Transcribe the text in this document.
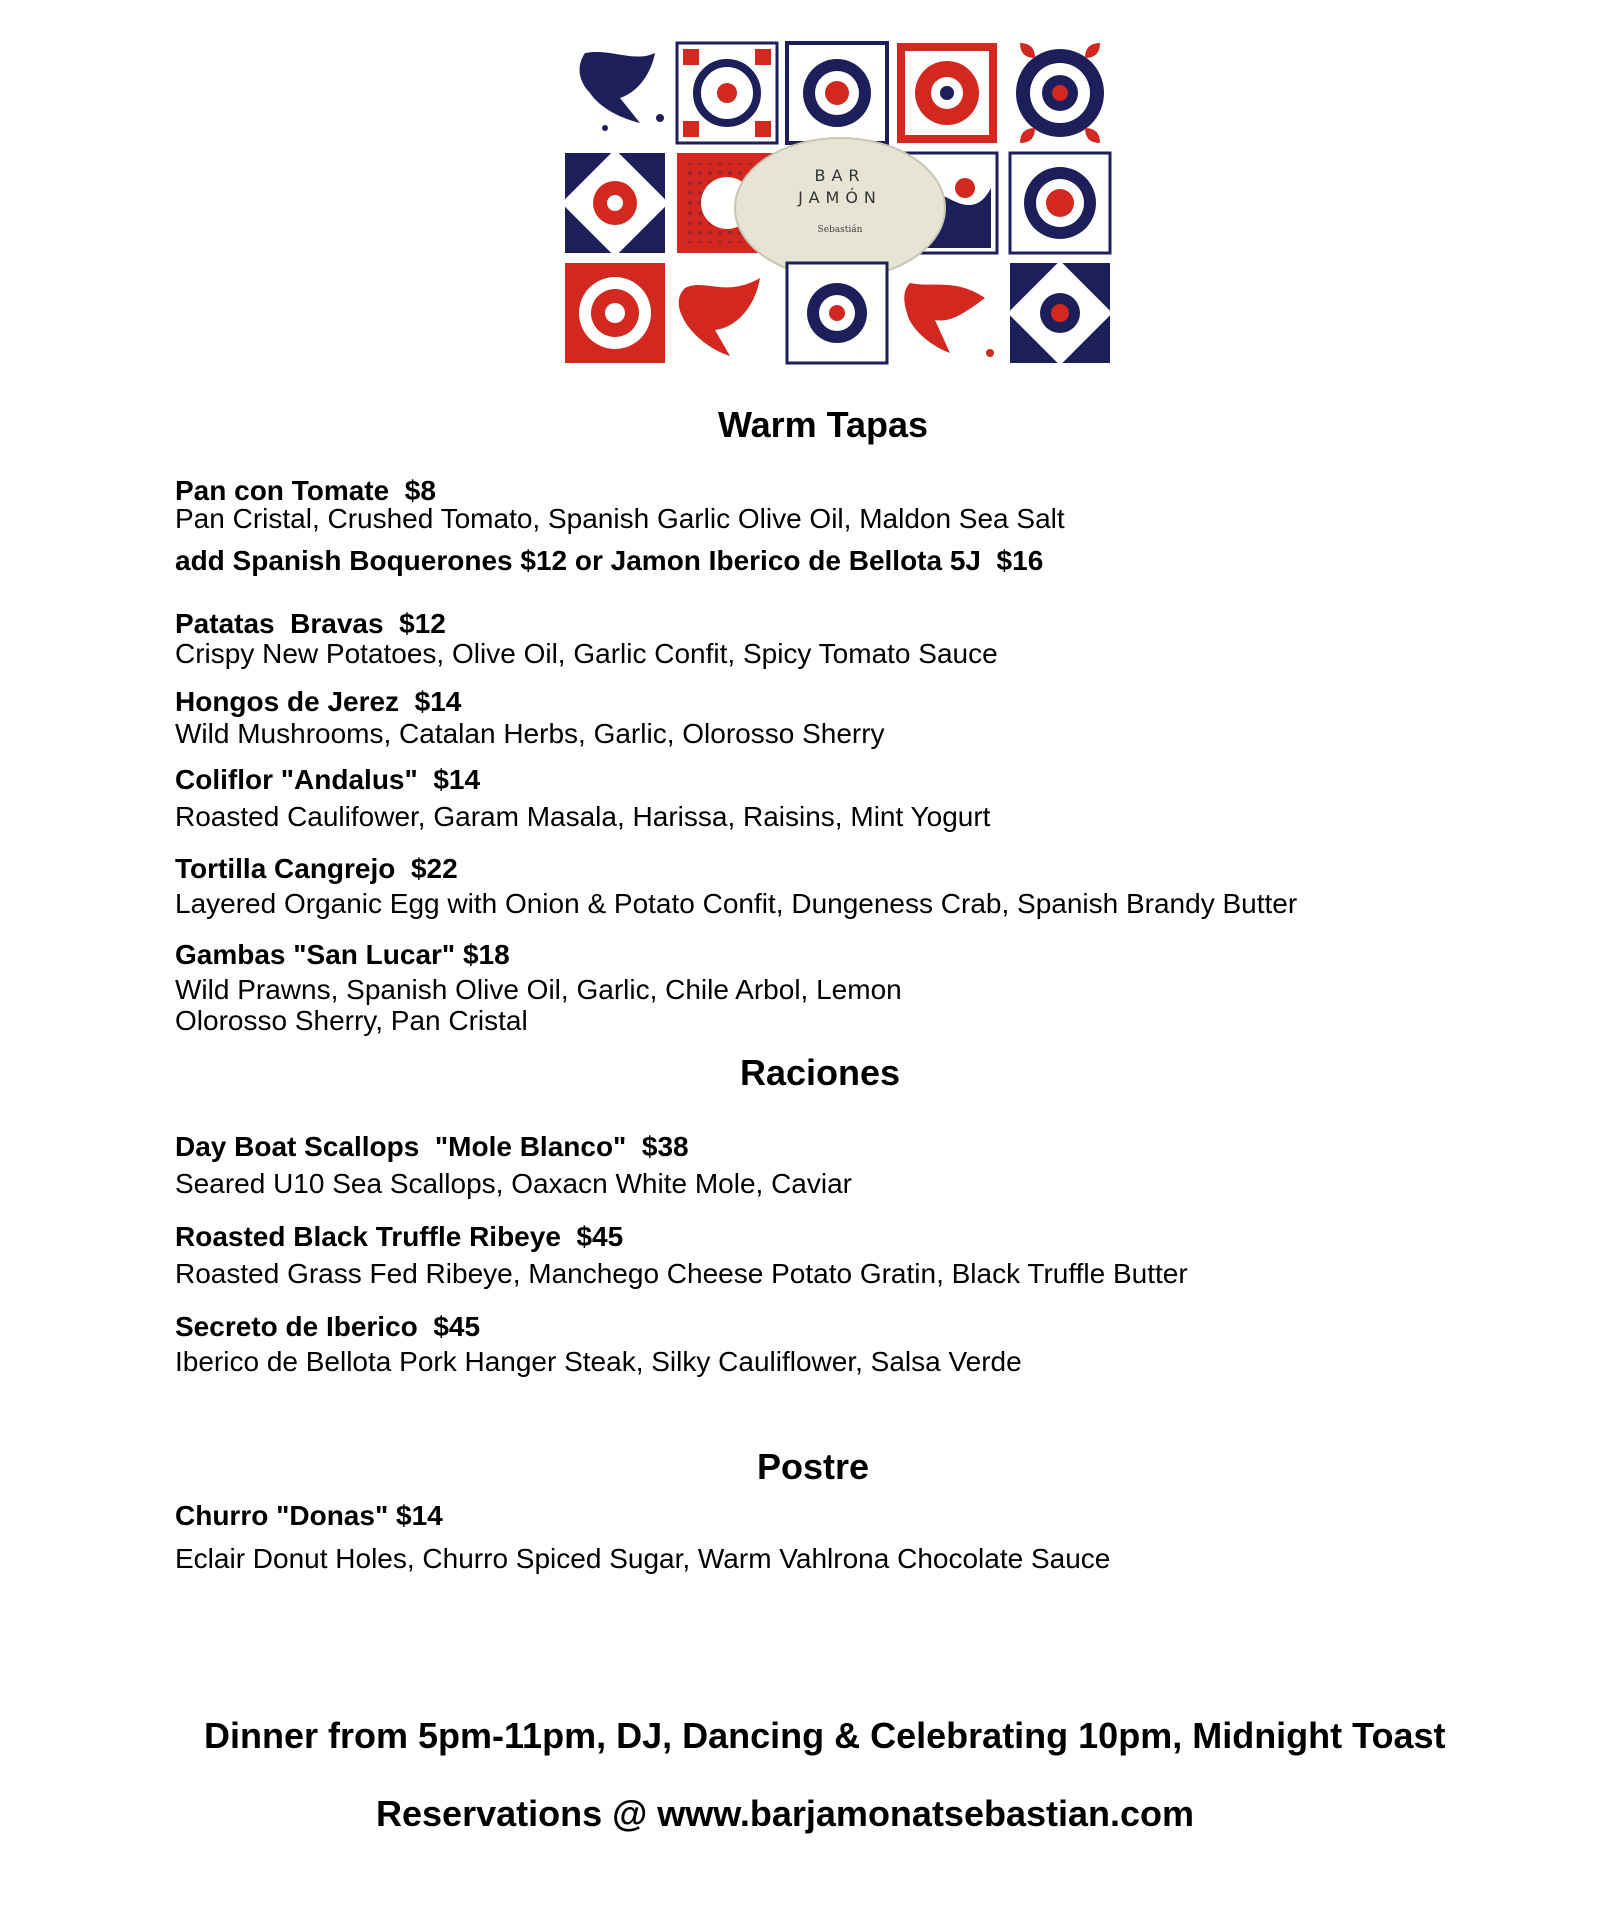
BAR
JAMÓN
Sebastián
Warm Tapas
Pan con Tomate  $8
Pan Cristal, Crushed Tomato, Spanish Garlic Olive Oil, Maldon Sea Salt
add Spanish Boquerones $12 or Jamon Iberico de Bellota 5J  $16
Patatas  Bravas  $12
Crispy New Potatoes, Olive Oil, Garlic Confit, Spicy Tomato Sauce
Hongos de Jerez  $14
Wild Mushrooms, Catalan Herbs, Garlic, Olorosso Sherry
Coliflor "Andalus"  $14
Roasted Caulifower, Garam Masala, Harissa, Raisins, Mint Yogurt
Tortilla Cangrejo  $22
Layered Organic Egg with Onion & Potato Confit, Dungeness Crab, Spanish Brandy Butter
Gambas "San Lucar" $18
Wild Prawns, Spanish Olive Oil, Garlic, Chile Arbol, Lemon
Olorosso Sherry, Pan Cristal
Raciones
Day Boat Scallops  "Mole Blanco"  $38
Seared U10 Sea Scallops, Oaxacn White Mole, Caviar
Roasted Black Truffle Ribeye  $45
Roasted Grass Fed Ribeye, Manchego Cheese Potato Gratin, Black Truffle Butter
Secreto de Iberico  $45
Iberico de Bellota Pork Hanger Steak, Silky Cauliflower, Salsa Verde
Postre
Churro "Donas" $14
Eclair Donut Holes, Churro Spiced Sugar, Warm Vahlrona Chocolate Sauce
Dinner from 5pm-11pm, DJ, Dancing & Celebrating 10pm, Midnight Toast
Reservations @ www.barjamonatsebastian.com
